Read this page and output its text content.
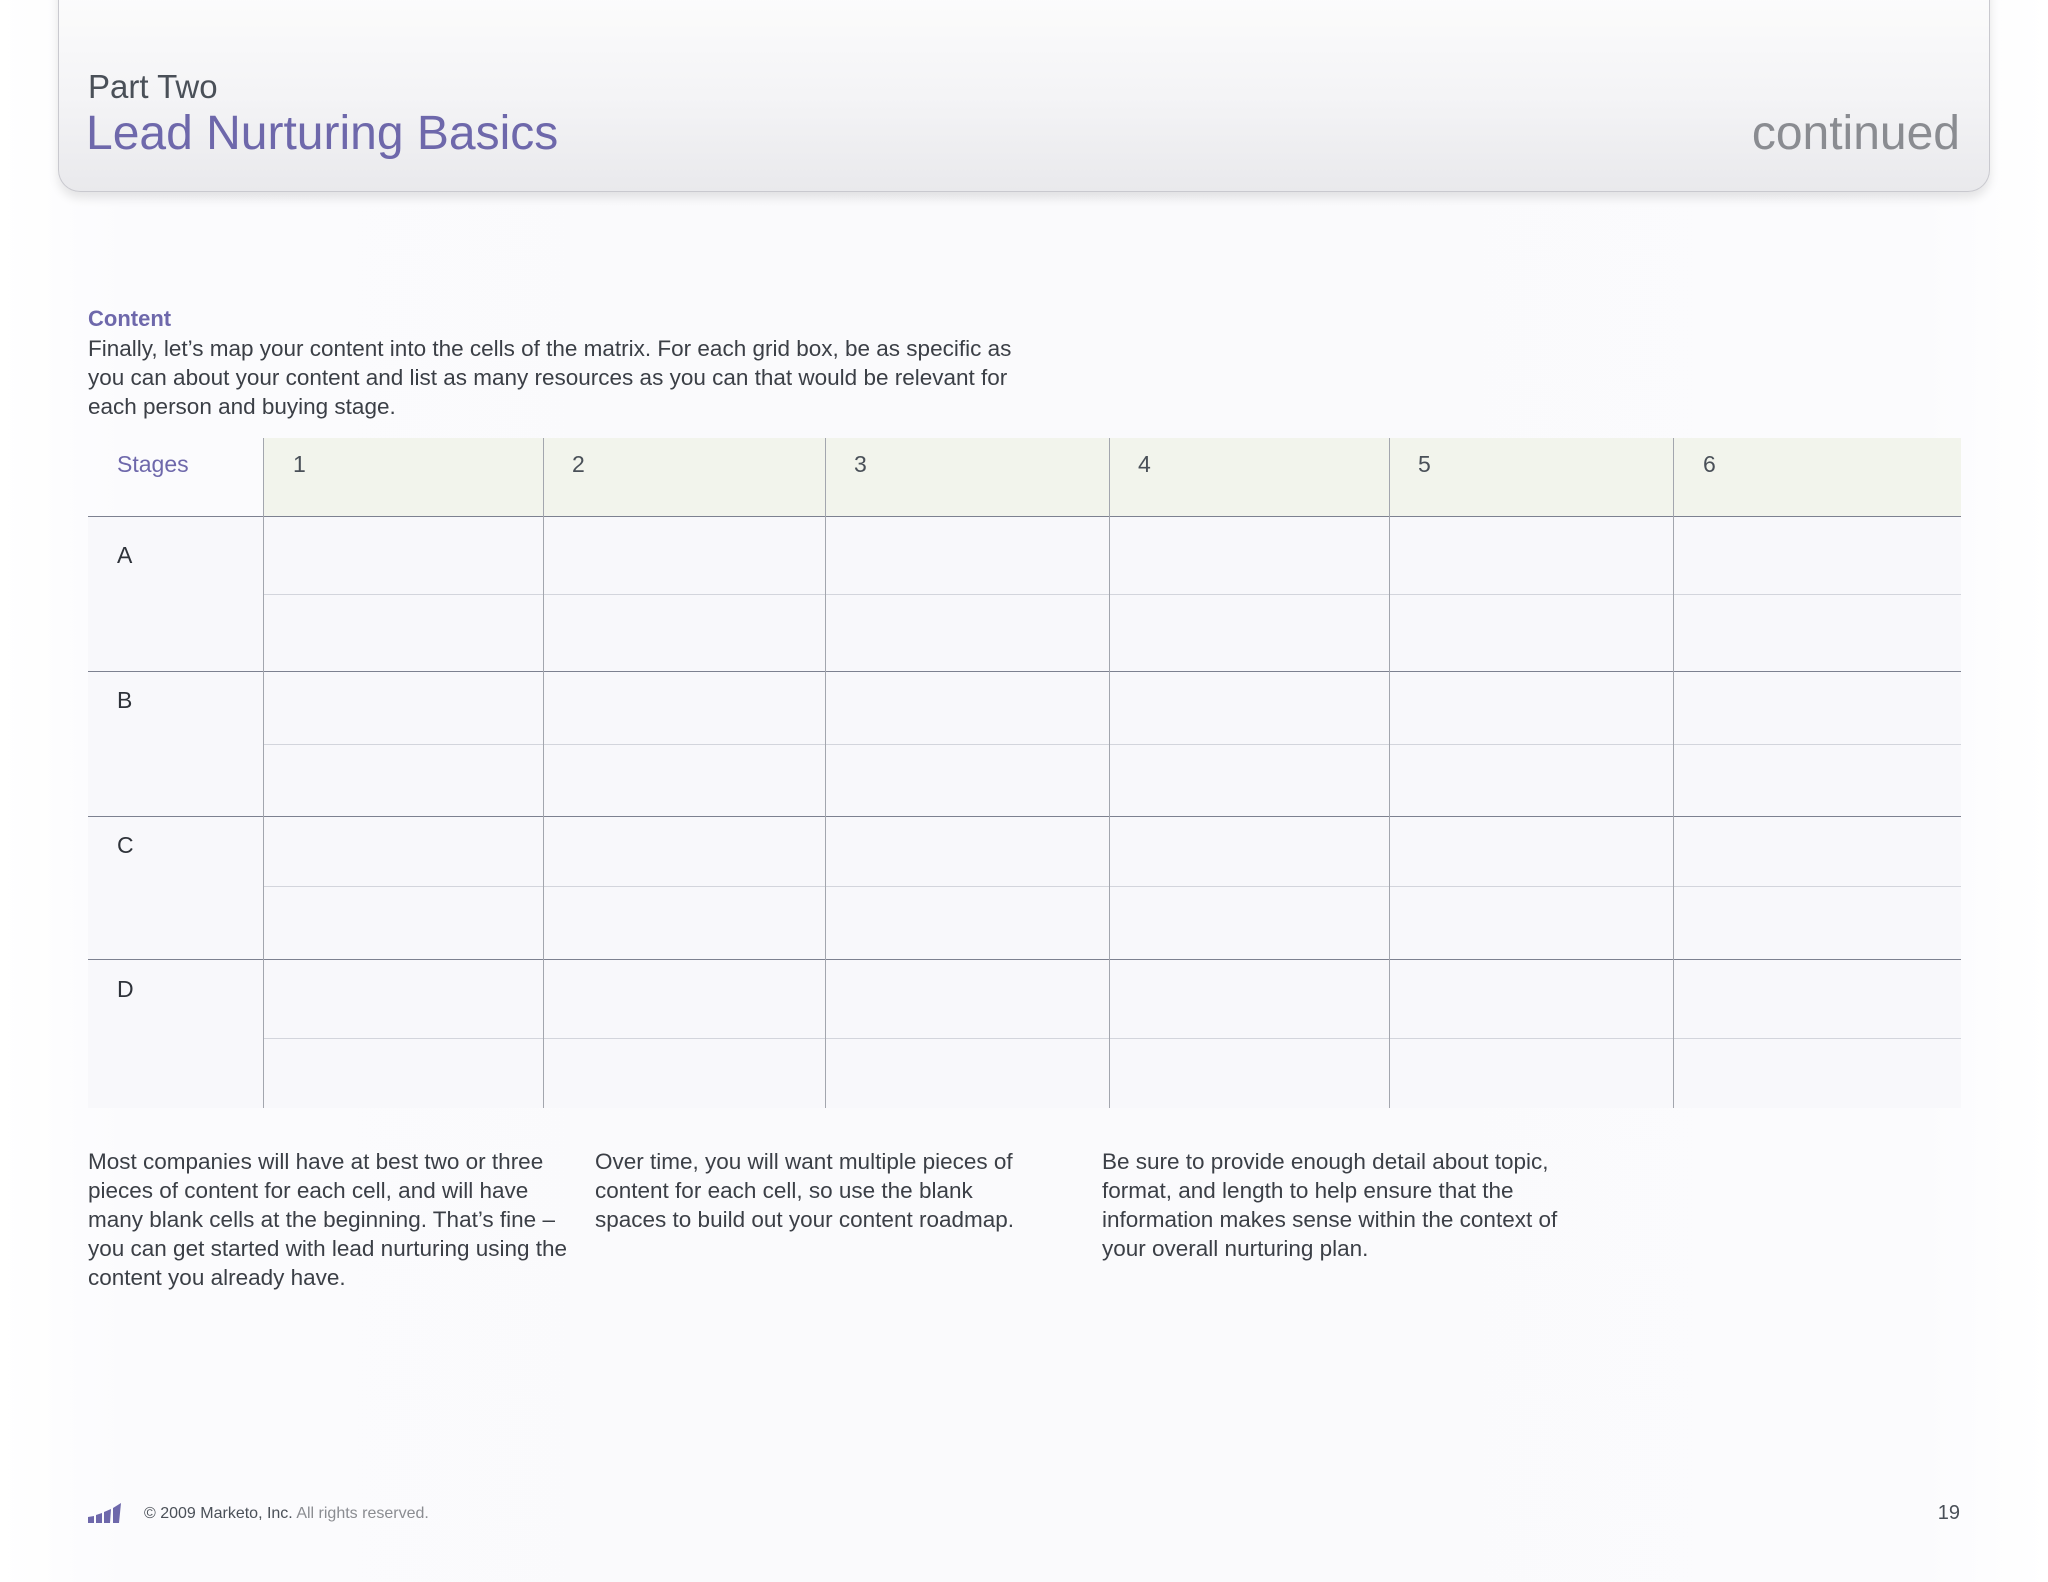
Part Two
Lead Nurturing Basics	continued
Content
Finally, let’s map your content into the cells of the matrix. For each grid box, be as specific as you can about your content and list as many resources as you can that would be relevant for each person and buying stage.
Stages	1	2	3	4	5	6
A
B
C
D
Most companies will have at best two or three pieces of content for each cell, and will have many blank cells at the beginning. That’s fine – you can get started with lead nurturing using the content you already have.
Over time, you will want multiple pieces of content for each cell, so use the blank spaces to build out your content roadmap.
Be sure to provide enough detail about topic, format, and length to help ensure that the information makes sense within the context of your overall nurturing plan.
© 2009 Marketo, Inc. All rights reserved.	19
